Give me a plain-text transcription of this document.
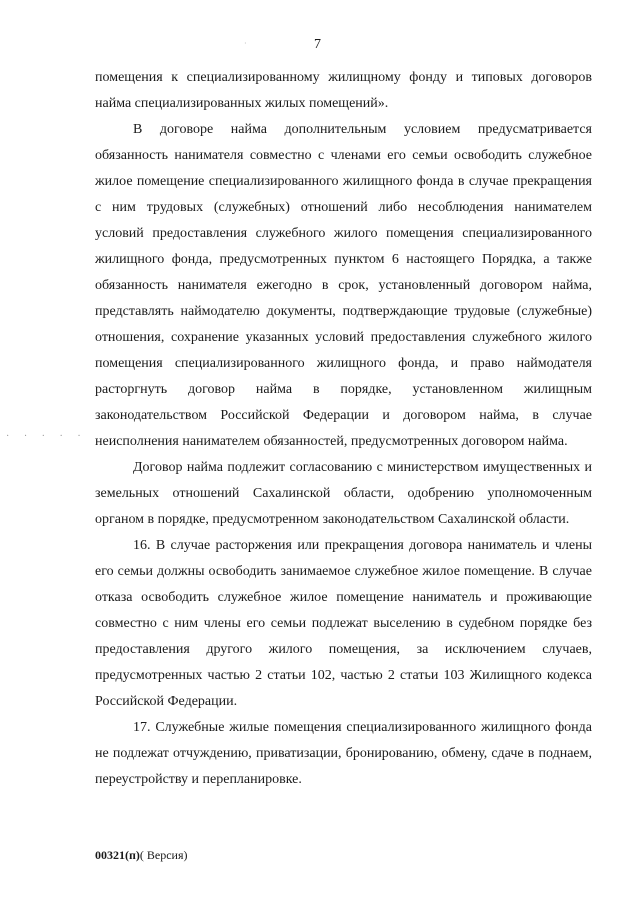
7
·

помещения к специализированному жилищному фонду и типовых договоров найма специализированных жилых помещений».

В договоре найма дополнительным условием предусматривается обязанность нанимателя совместно с членами его семьи освободить служебное жилое помещение специализированного жилищного фонда в случае прекращения с ним трудовых (служебных) отношений либо несоблюдения нанимателем условий предоставления служебного жилого помещения специализированного жилищного фонда, предусмотренных пунктом 6 настоящего Порядка, а также обязанность нанимателя ежегодно в срок, установленный договором найма, представлять наймодателю документы, подтверждающие трудовые (служебные) отношения, сохранение указанных условий предоставления служебного жилого помещения специализированного жилищного фонда, и право наймодателя расторгнуть договор найма в порядке, установленном жилищным законодательством Российской Федерации и договором найма, в случае неисполнения нанимателем обязанностей, предусмотренных договором найма.

Договор найма подлежит согласованию с министерством имущественных и земельных отношений Сахалинской области, одобрению уполномоченным органом в порядке, предусмотренном законодательством Сахалинской области.

16. В случае расторжения или прекращения договора наниматель и члены его семьи должны освободить занимаемое служебное жилое помещение. В случае отказа освободить служебное жилое помещение наниматель и проживающие совместно с ним члены его семьи подлежат выселению в судебном порядке без предоставления другого жилого помещения, за исключением случаев, предусмотренных частью 2 статьи 102, частью 2 статьи 103 Жилищного кодекса Российской Федерации.

17. Служебные жилые помещения специализированного жилищного фонда не подлежат отчуждению, приватизации, бронированию, обмену, сдаче в поднаем, переустройству и перепланировке.

· · · · ·
00321(п)( Версия)
